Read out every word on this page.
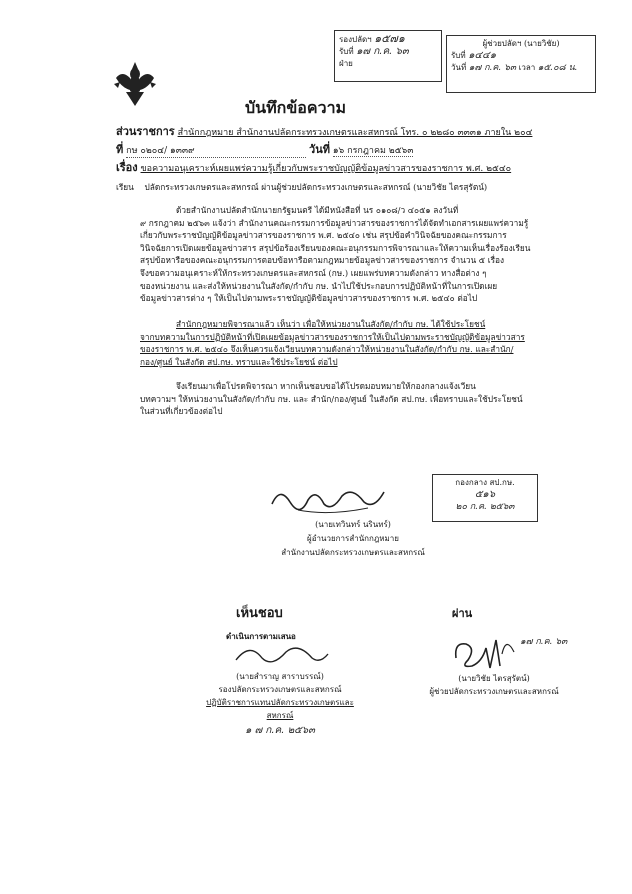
รองปลัดฯ ๑๕๗๑
รับที่ ๑๗ ก.ค. ๖๓
ฝ่าย
ผู้ช่วยปลัดฯ (นายวิชัย)
รับที่ ๑๔๔๑
วันที่ ๑๗ ก.ค. ๖๓ เวลา ๑๕.๐๘ น.
บันทึกข้อความ
ส่วนราชการ สำนักกฎหมาย สำนักงานปลัดกระทรวงเกษตรและสหกรณ์ โทร. ๐ ๒๒๘๐ ๓๓๓๑ ภายใน ๒๐๔
ที่ กษ ๐๒๐๔/ ๑๓๓๙	วันที่ ๑๖ กรกฎาคม ๒๕๖๓
เรื่อง ขอความอนุเคราะห์เผยแพร่ความรู้เกี่ยวกับพระราชบัญญัติข้อมูลข่าวสารของราชการ พ.ศ. ๒๕๔๐
เรียน ปลัดกระทรวงเกษตรและสหกรณ์ ผ่านผู้ช่วยปลัดกระทรวงเกษตรและสหกรณ์ (นายวิชัย ไตรสุรัตน์)
ด้วยสำนักงานปลัดสำนักนายกรัฐมนตรี ได้มีหนังสือที่ นร ๐๑๐๘/ว ๔๐๕๑ ลงวันที่
๙ กรกฎาคม ๒๕๖๓ แจ้งว่า สำนักงานคณะกรรมการข้อมูลข่าวสารของราชการได้จัดทำเอกสารเผยแพร่ความรู้
เกี่ยวกับพระราชบัญญัติข้อมูลข่าวสารของราชการ พ.ศ. ๒๕๔๐ เช่น สรุปข้อคำวินิจฉัยของคณะกรรมการ
วินิจฉัยการเปิดเผยข้อมูลข่าวสาร สรุปข้อร้องเรียนของคณะอนุกรรมการพิจารณาและให้ความเห็นเรื่องร้องเรียน
สรุปข้อหารือของคณะอนุกรรมการตอบข้อหารือตามกฎหมายข้อมูลข่าวสารของราชการ จำนวน ๕ เรื่อง
จึงขอความอนุเคราะห์ให้กระทรวงเกษตรและสหกรณ์ (กษ.) เผยแพร่บทความดังกล่าว ทางสื่อต่าง ๆ
ของหน่วยงาน และส่งให้หน่วยงานในสังกัด/กำกับ กษ. นำไปใช้ประกอบการปฏิบัติหน้าที่ในการเปิดเผย
ข้อมูลข่าวสารต่าง ๆ ให้เป็นไปตามพระราชบัญญัติข้อมูลข่าวสารของราชการ พ.ศ. ๒๕๔๐ ต่อไป
สำนักกฎหมายพิจารณาแล้ว เห็นว่า เพื่อให้หน่วยงานในสังกัด/กำกับ กษ. ได้ใช้ประโยชน์
จากบทความในการปฏิบัติหน้าที่เปิดเผยข้อมูลข่าวสารของราชการให้เป็นไปตามพระราชบัญญัติข้อมูลข่าวสาร
ของราชการ พ.ศ. ๒๕๔๐ จึงเห็นควรแจ้งเวียนบทความดังกล่าวให้หน่วยงานในสังกัด/กำกับ กษ. และสำนัก/
กอง/ศูนย์ ในสังกัด สป.กษ. ทราบและใช้ประโยชน์ ต่อไป
จึงเรียนมาเพื่อโปรดพิจารณา หากเห็นชอบขอได้โปรดมอบหมายให้กองกลางแจ้งเวียน
บทความฯ ให้หน่วยงานในสังกัด/กำกับ กษ. และ สำนัก/กอง/ศูนย์ ในสังกัด สป.กษ. เพื่อทราบและใช้ประโยชน์
ในส่วนที่เกี่ยวข้องต่อไป
กองกลาง สป.กษ.
๕๑๖
๒๐ ก.ค. ๒๕๖๓
(นายเทวินทร์ นรินทร์)
ผู้อำนวยการสำนักกฎหมาย
สำนักงานปลัดกระทรวงเกษตรและสหกรณ์
เห็นชอบ
ดำเนินการตามเสนอ
ผ่าน
(นายสำราญ สาราบรรณ์)
รองปลัดกระทรวงเกษตรและสหกรณ์
ปฏิบัติราชการแทนปลัดกระทรวงเกษตรและสหกรณ์
๑ ๗ ก.ค. ๒๕๖๓
๑๗ ก.ค. ๖๓
(นายวิชัย ไตรสุรัตน์)
ผู้ช่วยปลัดกระทรวงเกษตรและสหกรณ์
